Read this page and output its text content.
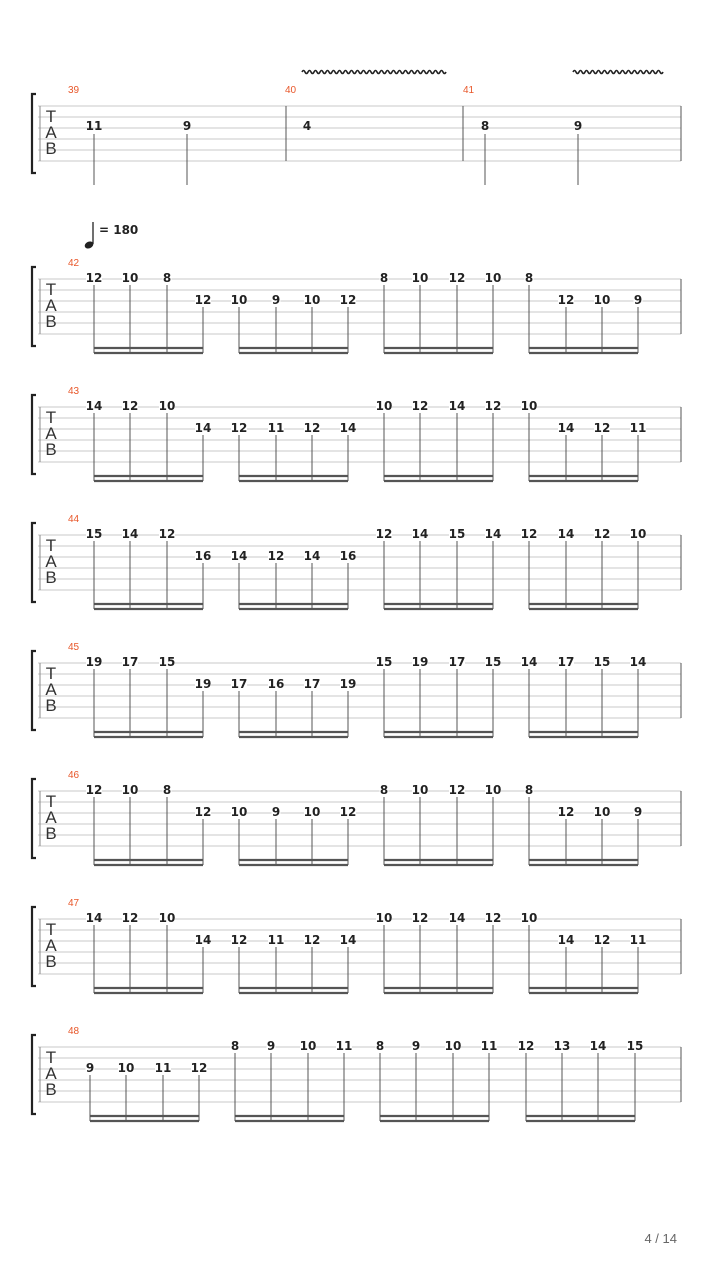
T
A
B
39	40	41
11	9	4	8	9
T
A
B
42
= 180
12 10 8
12 10 9 10 12
8 10 12 10 8
12 10 9
T
A
B
43
14 12 10
14 12 11 12 14
10 12 14 12 10
14 12 11
T
A
B
44
15 14 12
16 14 12 14 16
12 14 15 14 12 14 12 10
T
A
B
45
19 17 15
19 17 16 17 19
15 19 17 15 14 17 15 14
T
A
B
46
12 10 8
12 10 9 10 12
8 10 12 10 8
12 10 9
T
A
B
47
14 12 10
14 12 11 12 14
10 12 14 12 10
14 12 11
T
A
B
48
9 10 11 12
8 9 10 11 8 9 10 11 12 13 14 15
4 / 14
